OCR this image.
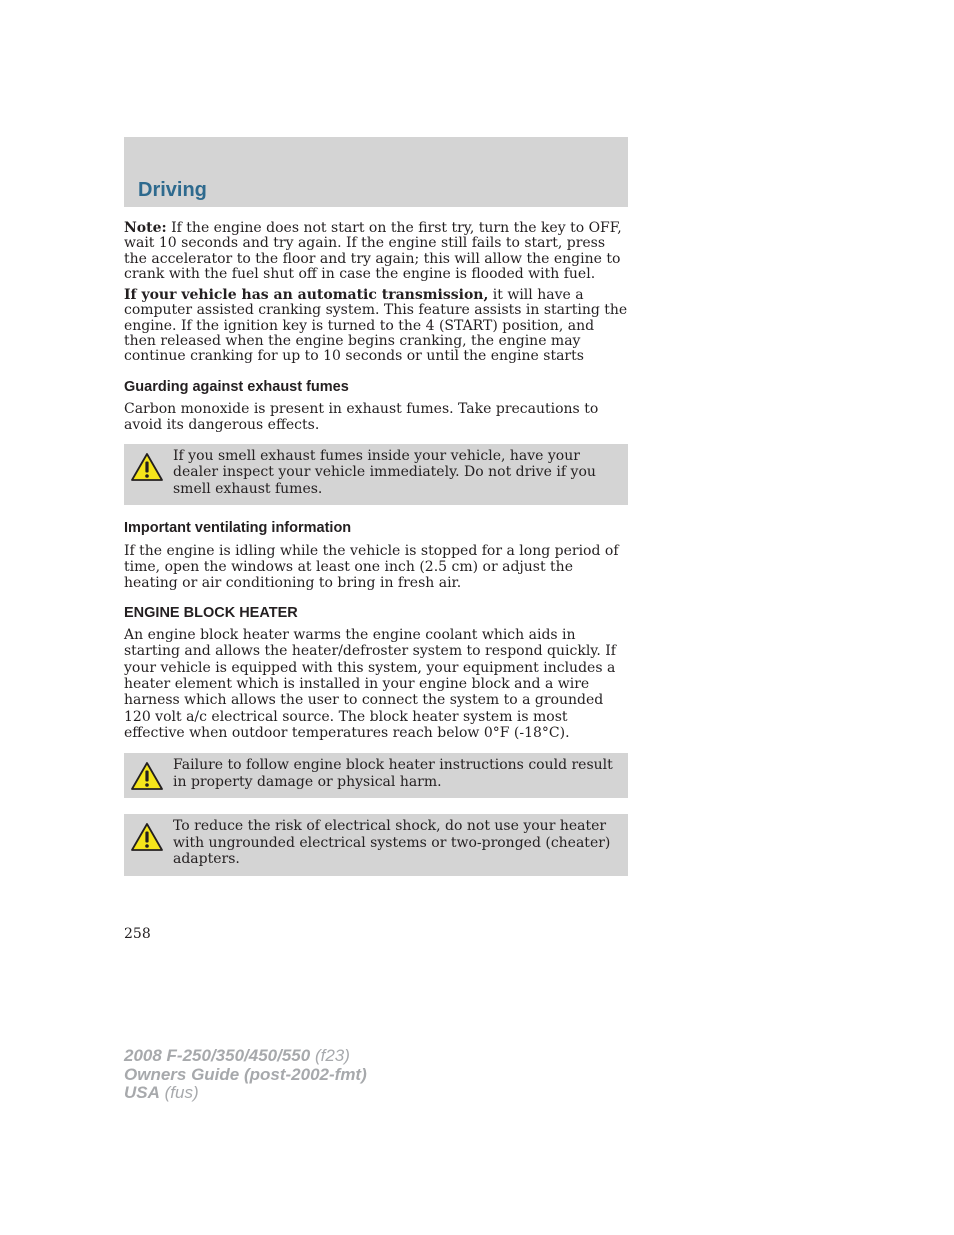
Driving

Note: If the engine does not start on the first try, turn the key to OFF, wait 10 seconds and try again. If the engine still fails to start, press the accelerator to the floor and try again; this will allow the engine to crank with the fuel shut off in case the engine is flooded with fuel.

If your vehicle has an automatic transmission, it will have a computer assisted cranking system. This feature assists in starting the engine. If the ignition key is turned to the 4 (START) position, and then released when the engine begins cranking, the engine may continue cranking for up to 10 seconds or until the engine starts

Guarding against exhaust fumes

Carbon monoxide is present in exhaust fumes. Take precautions to avoid its dangerous effects.

If you smell exhaust fumes inside your vehicle, have your dealer inspect your vehicle immediately. Do not drive if you smell exhaust fumes.
Important ventilating information

If the engine is idling while the vehicle is stopped for a long period of time, open the windows at least one inch (2.5 cm) or adjust the heating or air conditioning to bring in fresh air.

ENGINE BLOCK HEATER

An engine block heater warms the engine coolant which aids in starting and allows the heater/defroster system to respond quickly. If your vehicle is equipped with this system, your equipment includes a heater element which is installed in your engine block and a wire harness which allows the user to connect the system to a grounded 120 volt a/c electrical source. The block heater system is most effective when outdoor temperatures reach below 0°F (-18°C).

Failure to follow engine block heater instructions could result in property damage or physical harm.
To reduce the risk of electrical shock, do not use your heater with ungrounded electrical systems or two-pronged (cheater) adapters.
258
2008 F-250/350/450/550 (f23)
Owners Guide (post-2002-fmt)
USA (fus)
